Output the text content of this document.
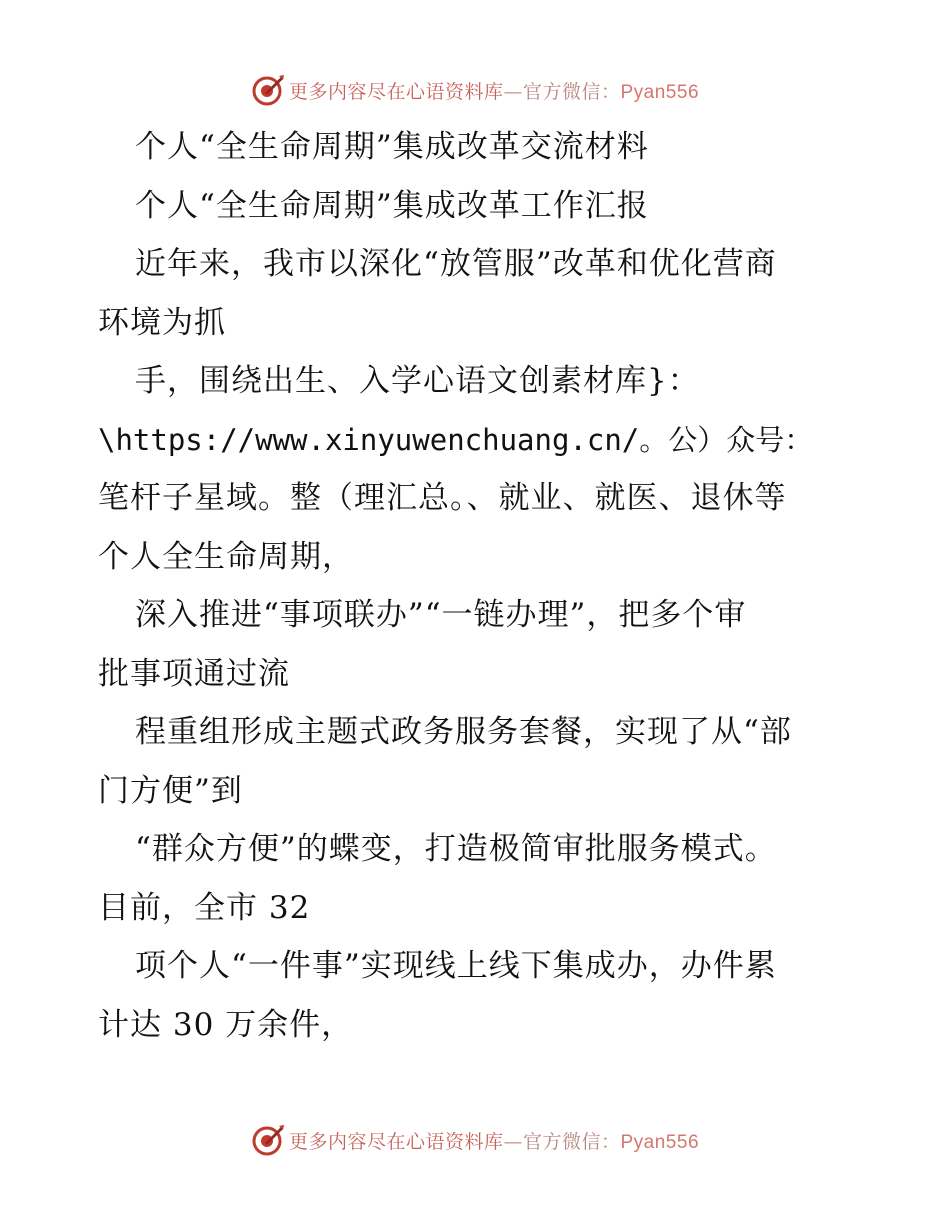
更多内容尽在心语资料库—官方微信：Pyan556
个人“全生命周期”集成改革交流材料
个人“全生命周期”集成改革工作汇报
近年来，我市以深化“放管服”改革和优化营商
环境为抓
手，围绕出生、入学心语文创素材库}：
\https://www.xinyuwenchuang.cn/。公）众号：
笔杆子星域。整（理汇总。、就业、就医、退休等
个人全生命周期，
深入推进“事项联办”“一链办理”，把多个审
批事项通过流
程重组形成主题式政务服务套餐，实现了从“部
门方便”到
“群众方便”的蝶变，打造极简审批服务模式。
目前，全市 32
项个人“一件事”实现线上线下集成办，办件累
计达 30 万余件，
更多内容尽在心语资料库—官方微信：Pyan556
